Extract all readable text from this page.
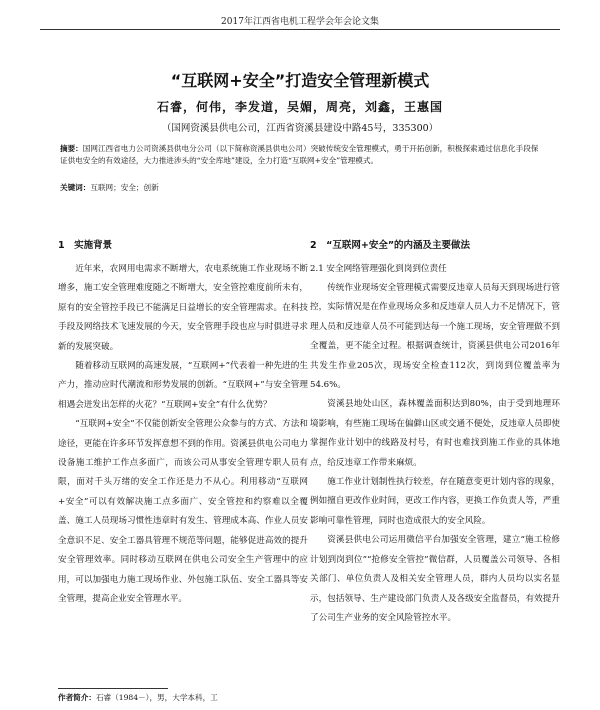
2017年江西省电机工程学会年会论文集
“互联网+安全”打造安全管理新模式
石睿，何伟，李发道，吴媚，周亮，刘鑫，王惠国
（国网资溪县供电公司，江西省资溪县建设中路45号，335300）
摘要：国网江西省电力公司资溪县供电分公司（以下简称资溪县供电公司）突破传统安全管理模式，勇于开拓创新，积极探索通过信息化手段保证供电安全的有效途径，大力推进涉头的“安全库地”建设，全力打造“互联网+安全”管理模式。
关键词：互联网；安全；创新

1　实施背景

近年来，农网用电需求不断增大，农电系统施工作业现场不断增多，施工安全管理难度随之不断增大，安全管控难度前所未有，原有的安全管控手段已不能满足日益增长的安全管理需求。在科技手段及网络技术飞速发展的今天，安全管理手段也应与时俱进寻求新的发展突破。

随着移动互联网的高速发展，“互联网+”代表着一种先进的生产力，推动应时代潮流和形势发展的创新。“互联网+”与安全管理相遇会迸发出怎样的火花？“互联网+安全”有什么优势？

“互联网+安全”不仅能创新安全管理公众参与的方式、方法和途径，更能在许多环节发挥意想不到的作用。资溪县供电公司电力设备施工维护工作点多面广，而该公司从事安全管理专职人员有限，面对千头万绪的安全工作还是力不从心。利用移动“互联网+安全”可以有效解决施工点多面广、安全管控和约察难以全覆盖、施工人员现场习惯性违章时有发生、管理成本高、作业人员安全意识不足、安全工器具管理不规范等问题，能够促进高效的提升安全管理效率。同时移动互联网在供电公司安全生产管理中的应用，可以加强电力施工现场作业、外包施工队伍、安全工器具等安全管理，提高企业安全管理水平。

2　“互联网+安全”的内涵及主要做法

2.1 安全网络管理强化到岗到位责任

传统作业现场安全管理模式需要反违章人员每天到现场进行管控，实际情况是在作业现场众多和反违章人员人力不足情况下，管理人员和反违章人员不可能到达每一个施工现场，安全管理做不到全覆盖，更不能全过程。根据调查统计，资溪县供电公司2016年共发生作业205次，现场安全检查112次，到岗到位覆盖率为54.6%。

资溪县地处山区，森林覆盖面积达到80%，由于受到地理环境影响，有些施工现场在偏僻山区或交通不便处，反违章人员即使掌握作业计划中的线路及村号，有时也难找到施工作业的具体地点，给反违章工作带来麻烦。

施工作业计划制性执行较差，存在随意变更计划内容的现象，例如擅自更改作业时间，更改工作内容，更换工作负责人等，严重影响可靠性管理，同时也造成很大的安全风险。

资溪县供电公司运用微信平台加强安全管理，建立“施工检修计划到岗到位”“抢修安全管控”微信群，人员覆盖公司领导、各相关部门、单位负责人及相关安全管理人员，群内人员均以实名显示，包括领导、生产建设部门负责人及各级安全监督员，有效提升了公司生产业务的安全风险管控水平。

作者简介：石睿（1984－），男，大学本科，工
